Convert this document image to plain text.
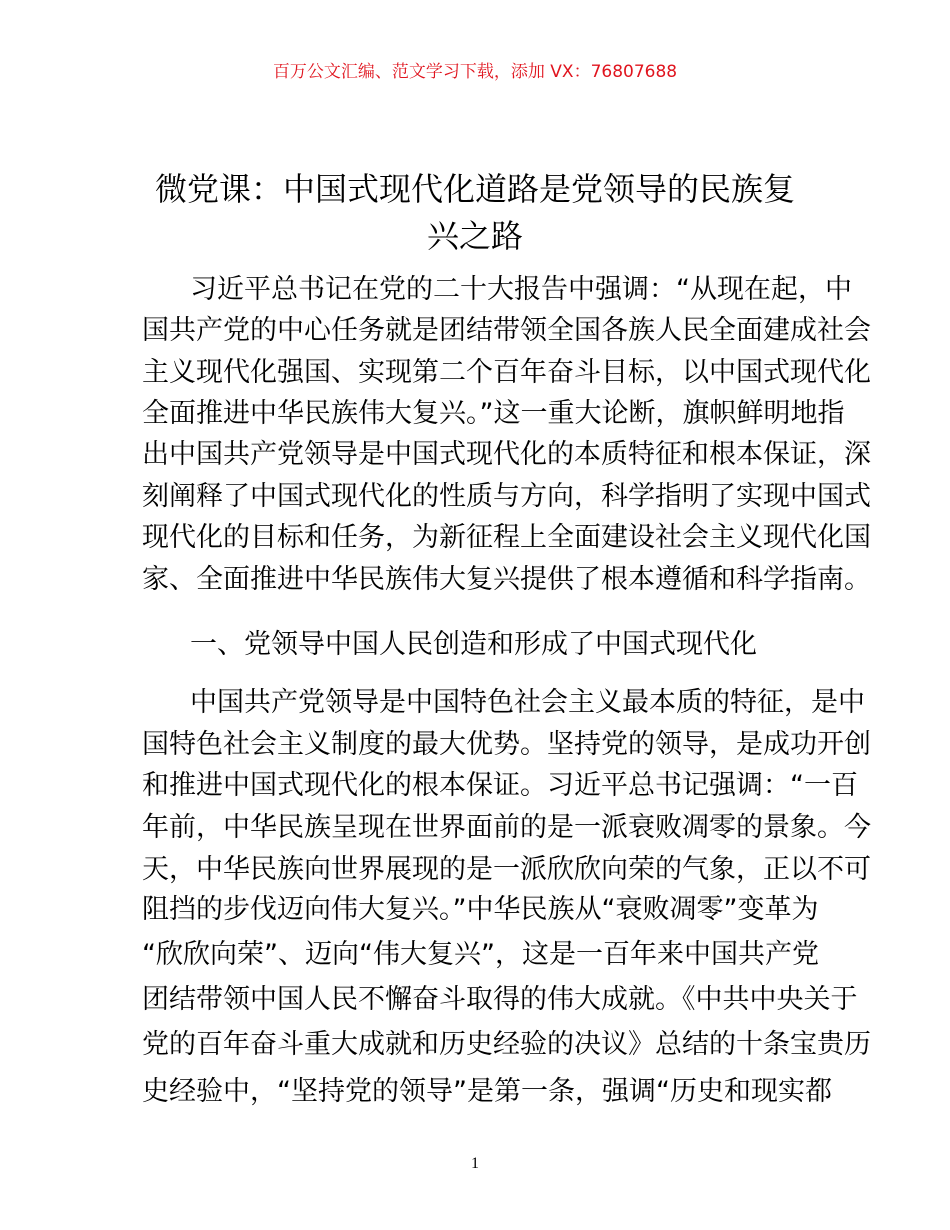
百万公文汇编、范文学习下载，添加 VX：76807688
微党课：中国式现代化道路是党领导的民族复
兴之路
习近平总书记在党的二十大报告中强调：“从现在起，中
国共产党的中心任务就是团结带领全国各族人民全面建成社会
主义现代化强国、实现第二个百年奋斗目标，以中国式现代化
全面推进中华民族伟大复兴。”这一重大论断，旗帜鲜明地指
出中国共产党领导是中国式现代化的本质特征和根本保证，深
刻阐释了中国式现代化的性质与方向，科学指明了实现中国式
现代化的目标和任务，为新征程上全面建设社会主义现代化国
家、全面推进中华民族伟大复兴提供了根本遵循和科学指南。
一、党领导中国人民创造和形成了中国式现代化
中国共产党领导是中国特色社会主义最本质的特征，是中
国特色社会主义制度的最大优势。坚持党的领导，是成功开创
和推进中国式现代化的根本保证。习近平总书记强调：“一百
年前，中华民族呈现在世界面前的是一派衰败凋零的景象。今
天，中华民族向世界展现的是一派欣欣向荣的气象，正以不可
阻挡的步伐迈向伟大复兴。”中华民族从“衰败凋零”变革为
“欣欣向荣”、迈向“伟大复兴”，这是一百年来中国共产党
团结带领中国人民不懈奋斗取得的伟大成就。《中共中央关于
党的百年奋斗重大成就和历史经验的决议》总结的十条宝贵历
史经验中，“坚持党的领导”是第一条，强调“历史和现实都
1
